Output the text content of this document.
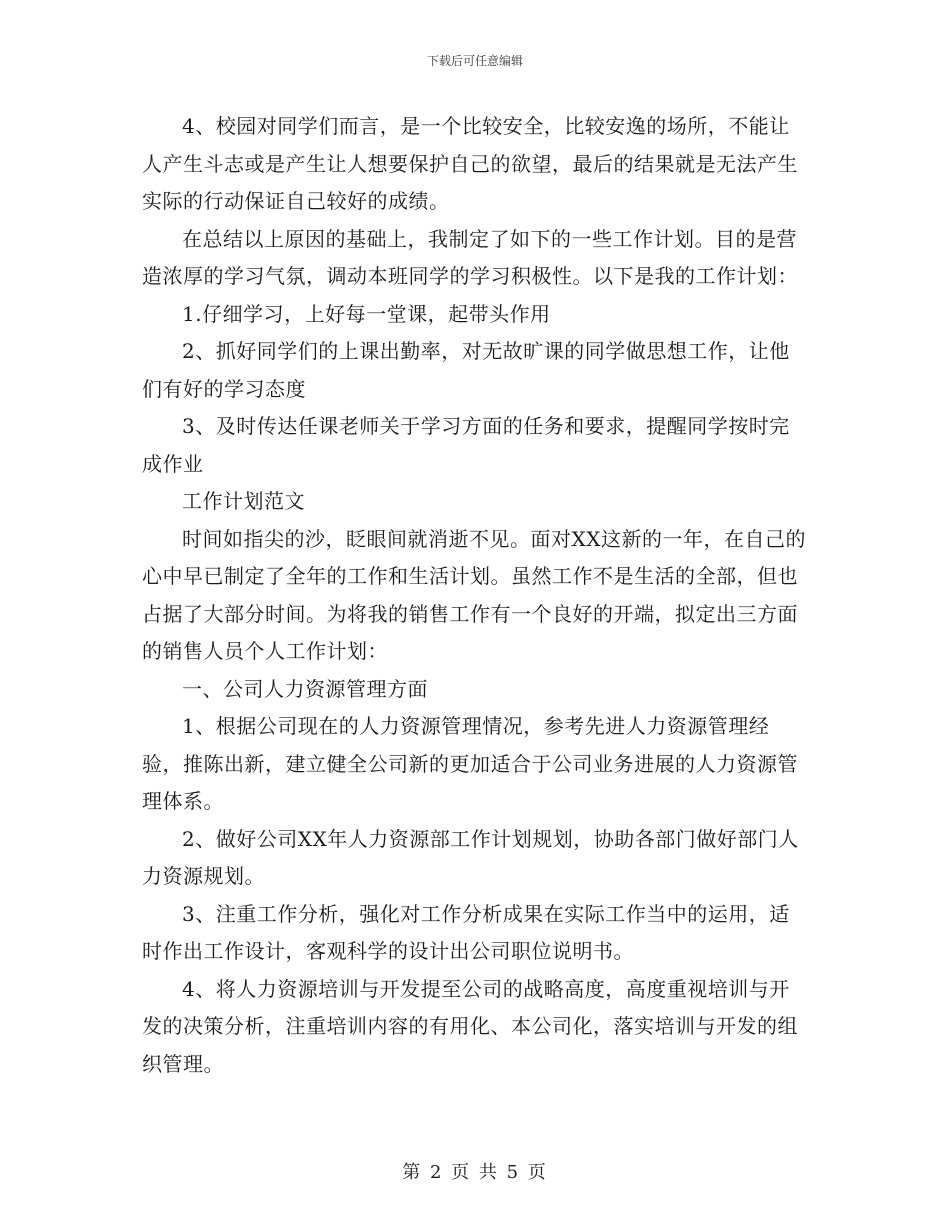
下载后可任意编辑

4、校园对同学们而言，是一个比较安全，比较安逸的场所，不能让人产生斗志或是产生让人想要保护自己的欲望，最后的结果就是无法产生实际的行动保证自己较好的成绩。

在总结以上原因的基础上，我制定了如下的一些工作计划。目的是营造浓厚的学习气氛，调动本班同学的学习积极性。以下是我的工作计划：

1.仔细学习，上好每一堂课，起带头作用

2、抓好同学们的上课出勤率，对无故旷课的同学做思想工作，让他们有好的学习态度

3、及时传达任课老师关于学习方面的任务和要求，提醒同学按时完成作业

工作计划范文

时间如指尖的沙，眨眼间就消逝不见。面对XX这新的一年，在自己的心中早已制定了全年的工作和生活计划。虽然工作不是生活的全部，但也占据了大部分时间。为将我的销售工作有一个良好的开端，拟定出三方面的销售人员个人工作计划：

一、公司人力资源管理方面

1、根据公司现在的人力资源管理情况，参考先进人力资源管理经验，推陈出新，建立健全公司新的更加适合于公司业务进展的人力资源管理体系。

2、做好公司XX年人力资源部工作计划规划，协助各部门做好部门人力资源规划。

3、注重工作分析，强化对工作分析成果在实际工作当中的运用，适时作出工作设计，客观科学的设计出公司职位说明书。

4、将人力资源培训与开发提至公司的战略高度，高度重视培训与开发的决策分析，注重培训内容的有用化、本公司化，落实培训与开发的组织管理。

第 2 页 共 5 页
